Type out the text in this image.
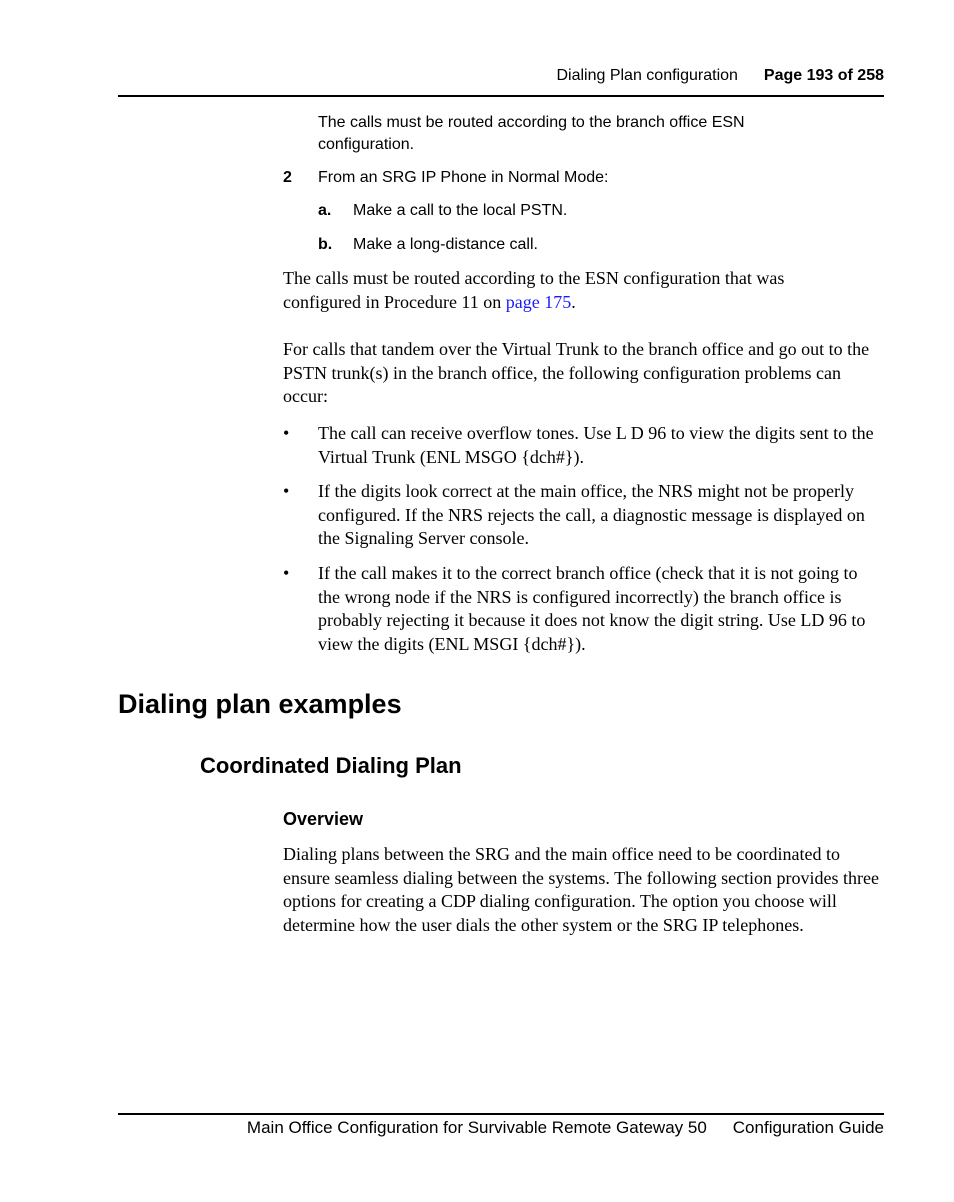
Dialing Plan configuration Page 193 of 258
The calls must be routed according to the branch office ESN configuration.
2 From an SRG IP Phone in Normal Mode:
a. Make a call to the local PSTN.
b. Make a long-distance call.
The calls must be routed according to the ESN configuration that was configured in Procedure 11 on page 175.
For calls that tandem over the Virtual Trunk to the branch office and go out to the PSTN trunk(s) in the branch office, the following configuration problems can occur:
• The call can receive overflow tones. Use L D 96 to view the digits sent to the Virtual Trunk (ENL MSGO {dch#}).
• If the digits look correct at the main office, the NRS might not be properly configured. If the NRS rejects the call, a diagnostic message is displayed on the Signaling Server console.
• If the call makes it to the correct branch office (check that it is not going to the wrong node if the NRS is configured incorrectly) the branch office is probably rejecting it because it does not know the digit string. Use LD 96 to view the digits (ENL MSGI {dch#}).
Dialing plan examples
Coordinated Dialing Plan
Overview
Dialing plans between the SRG and the main office need to be coordinated to ensure seamless dialing between the systems. The following section provides three options for creating a CDP dialing configuration. The option you choose will determine how the user dials the other system or the SRG IP telephones.
Main Office Configuration for Survivable Remote Gateway 50 Configuration Guide
